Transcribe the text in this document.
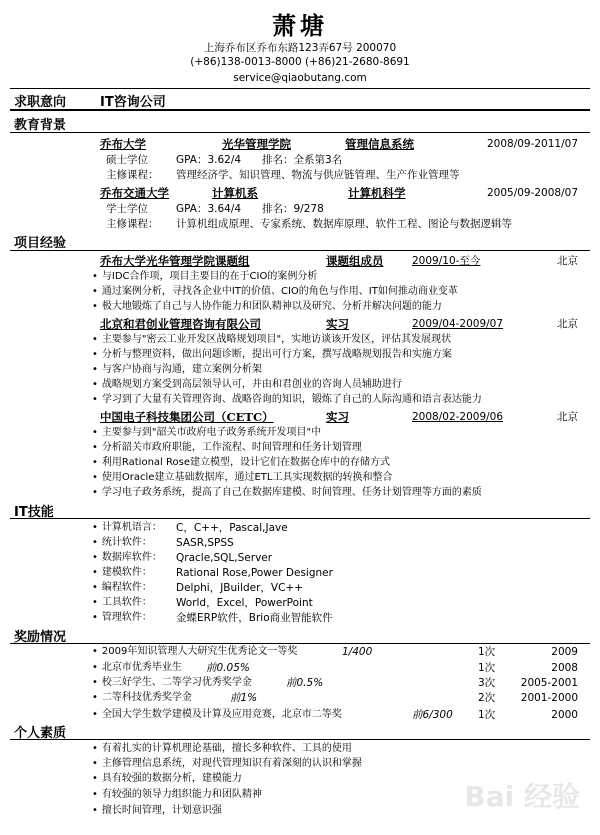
萧塘
上海乔布区乔布东路123弄67号 200070
(+86)138-0013-8000 (+86)21-2680-8691
service@qiaobutang.com
求职意向	IT咨询公司
教育背景
乔布大学	光华管理学院	管理信息系统	2008/09-2011/07
硕士学位	GPA：3.62/4 排名：全系第3名
主修课程： 管理经济学、知识管理、物流与供应链管理、生产作业管理等
乔布交通大学	计算机系	计算机科学	2005/09-2008/07
学士学位	GPA：3.64/4 排名：9/278
主修课程： 计算机组成原理、专家系统、数据库原理、软件工程、图论与数据逻辑等
项目经验
乔布大学光华管理学院课题组	课题组成员	2009/10-至今	北京
• 与IDC合作项，项目主要目的在于CIO的案例分析
• 通过案例分析，寻找各企业中IT的价值、CIO的角色与作用、IT如何推动商业变革
• 极大地锻炼了自己与人协作能力和团队精神以及研究、分析并解决问题的能力
北京和君创业管理咨询有限公司	实习	2009/04-2009/07	北京
• 主要参与"密云工业开发区战略规划项目"，实地访谈该开发区，评估其发展现状
• 分析与整理资料，做出问题诊断，提出可行方案，撰写战略规划报告和实施方案
• 与客户协商与沟通，建立案例分析架
• 战略规划方案受到高层领导认可，并由和君创业的咨询人员辅助进行
• 学习到了大量有关管理咨询、战略咨询的知识，锻炼了自己的人际沟通和语言表达能力
中国电子科技集团公司（CETC）	实习	2008/02-2009/06	北京
• 主要参与到"韶关市政府电子政务系统开发项目"中
• 分析韶关市政府职能，工作流程、时间管理和任务计划管理
• 利用Rational Rose建立模型，设计它们在数据仓库中的存储方式
• 使用Oracle建立基础数据库，通过ETL工具实现数据的转换和整合
• 学习电子政务系统，提高了自己在数据库建模、时间管理、任务计划管理等方面的素质
IT技能
• 计算机语言： C，C++，Pascal,Jave
• 统计软件： SASR,SPSS
• 数据库软件： Qracle,SQL,Server
• 建模软件： Rational Rose,Power Designer
• 编程软件： Delphi，JBuilder，VC++
• 工具软件： World，Excel，PowerPoint
• 管理软件： 金蝶ERP软件，Brio商业智能软件
奖励情况
• 2009年知识管理人大研究生优秀论文一等奖	1/400	1次	2009
• 北京市优秀毕业生 前0.05%	1次	2008
• 校三好学生、二等学习优秀奖学金	前0.5%	3次 2005-2001
• 二等科技优秀奖学金	前1%	2次 2001-2000
• 全国大学生数学建模及计算及应用竞赛，北京市二等奖	前6/300 1次	2000
个人素质
• 有着扎实的计算机理论基础，擅长多种软件、工具的使用
• 主修管理信息系统，对现代管理知识有着深刻的认识和掌握
• 具有较强的数据分析，建模能力
• 有较强的领导力组织能力和团队精神
• 擅长时间管理，计划意识强	Bai 经验
